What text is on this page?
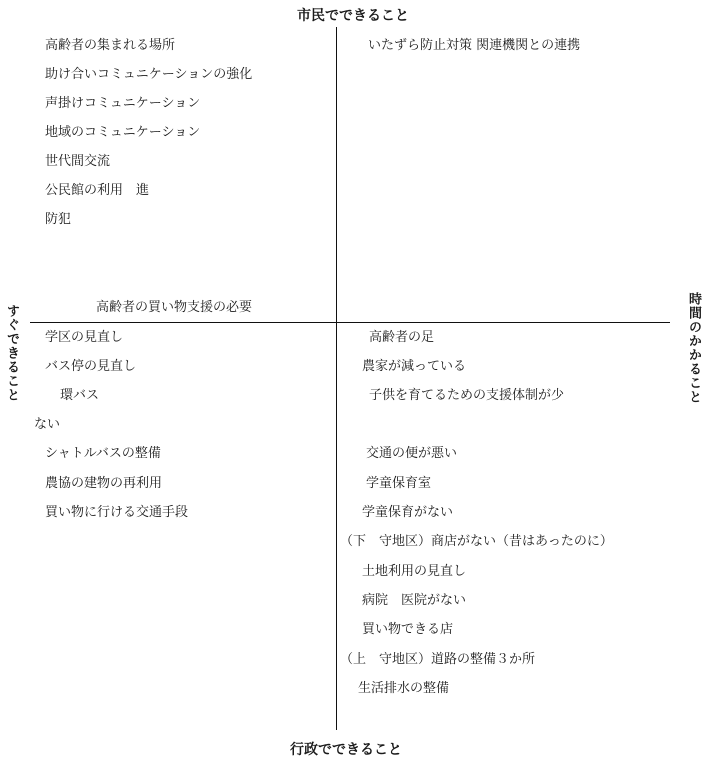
市民でできること
行政でできること
すぐできること	時間のかかること
高齢者の集まれる場所
助け合いコミュニケーションの強化
声掛けコミュニケーション
地域のコミュニケーション
世代間交流
公民館の利用　進
防犯
高齢者の買い物支援の必要
いたずら防止対策 関連機関との連携
学区の見直し
バス停の見直し
環バス
ない
シャトルバスの整備
農協の建物の再利用
買い物に行ける交通手段
高齢者の足
農家が減っている
子供を育てるための支援体制が少
交通の便が悪い
学童保育室
学童保育がない
（下　守地区）商店がない（昔はあったのに）
土地利用の見直し
病院　医院がない
買い物できる店
（上　守地区）道路の整備３か所
生活排水の整備
